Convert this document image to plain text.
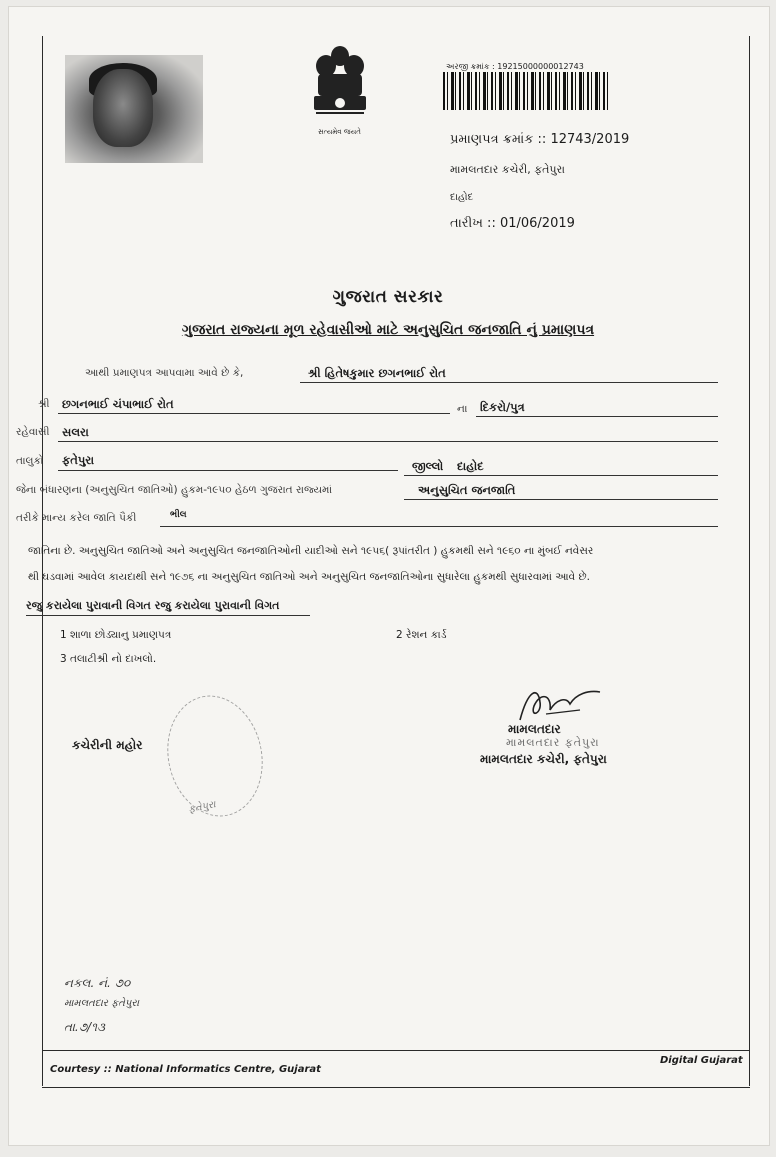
સત્યમેવ જયતે
અરજી ક્રમાંક : 19215000000012743
પ્રમાણપત્ર ક્રમાંક :: 12743/2019
મામલતદાર કચેરી, ફતેપુરા
દાહોદ
તારીખ :: 01/06/2019
ગુજરાત સરકાર
ગુજરાત રાજ્યના મૂળ રહેવાસીઓ માટે અનુસુચિત જનજાતિ નું પ્રમાણપત્ર
આથી પ્રમાણપત્ર આપવામા આવે છે કે,	શ્રી હિતેષકુમાર છગનભાઈ રોત
શ્રી છગનભાઈ ચંપાભાઈ રોત	ના દિકરો/પુત્ર
રહેવાસી સલરા
તાલુકો ફતેપુરા	જીલ્લો દાહોદ
જેના બંધારણના (અનુસુચિત જાતિઓ) હુકમ-૧૯૫૦ હેઠળ ગુજરાત રાજ્યમાં	અનુસુચિત જનજાતિ
તરીકે માન્ય કરેલ જાતિ પૈકી	ભીલ
જાતિના છે. અનુસુચિત જાતિઓ અને અનુસુચિત જનજાતિઓની યાદીઓ સને ૧૯૫૬( રૂપાંતરીત ) હુકમથી સને ૧૯૬૦ ના મુંબઈ નવેસર
થી ઘડવામાં આવેલ કાયદાથી સને ૧૯૭૬ ના અનુસુચિત જાતિઓ અને અનુસુચિત જનજાતિઓના સુધારેલા હુકમથી સુધારવામાં આવે છે.
રજુ કરાયેલા પુરાવાની વિગત રજુ કરાયેલા પુરાવાની વિગત
1 શાળા છોડ્યાનુ પ્રમાણપત્ર	2 રેશન કાર્ડ
3 તલાટીશ્રી નો દાખલો.
ફતેપુરા
કચેરીની મહોર
મામલતદાર
મામલતદાર ફતેપુરા
મામલતદાર કચેરી, ફતેપુરા
નકલ. નં. ૭૦
મામલતદાર ફતેપુરા
તા.૭/૧૩
Courtesy :: National Informatics Centre, Gujarat
Digital Gujarat
